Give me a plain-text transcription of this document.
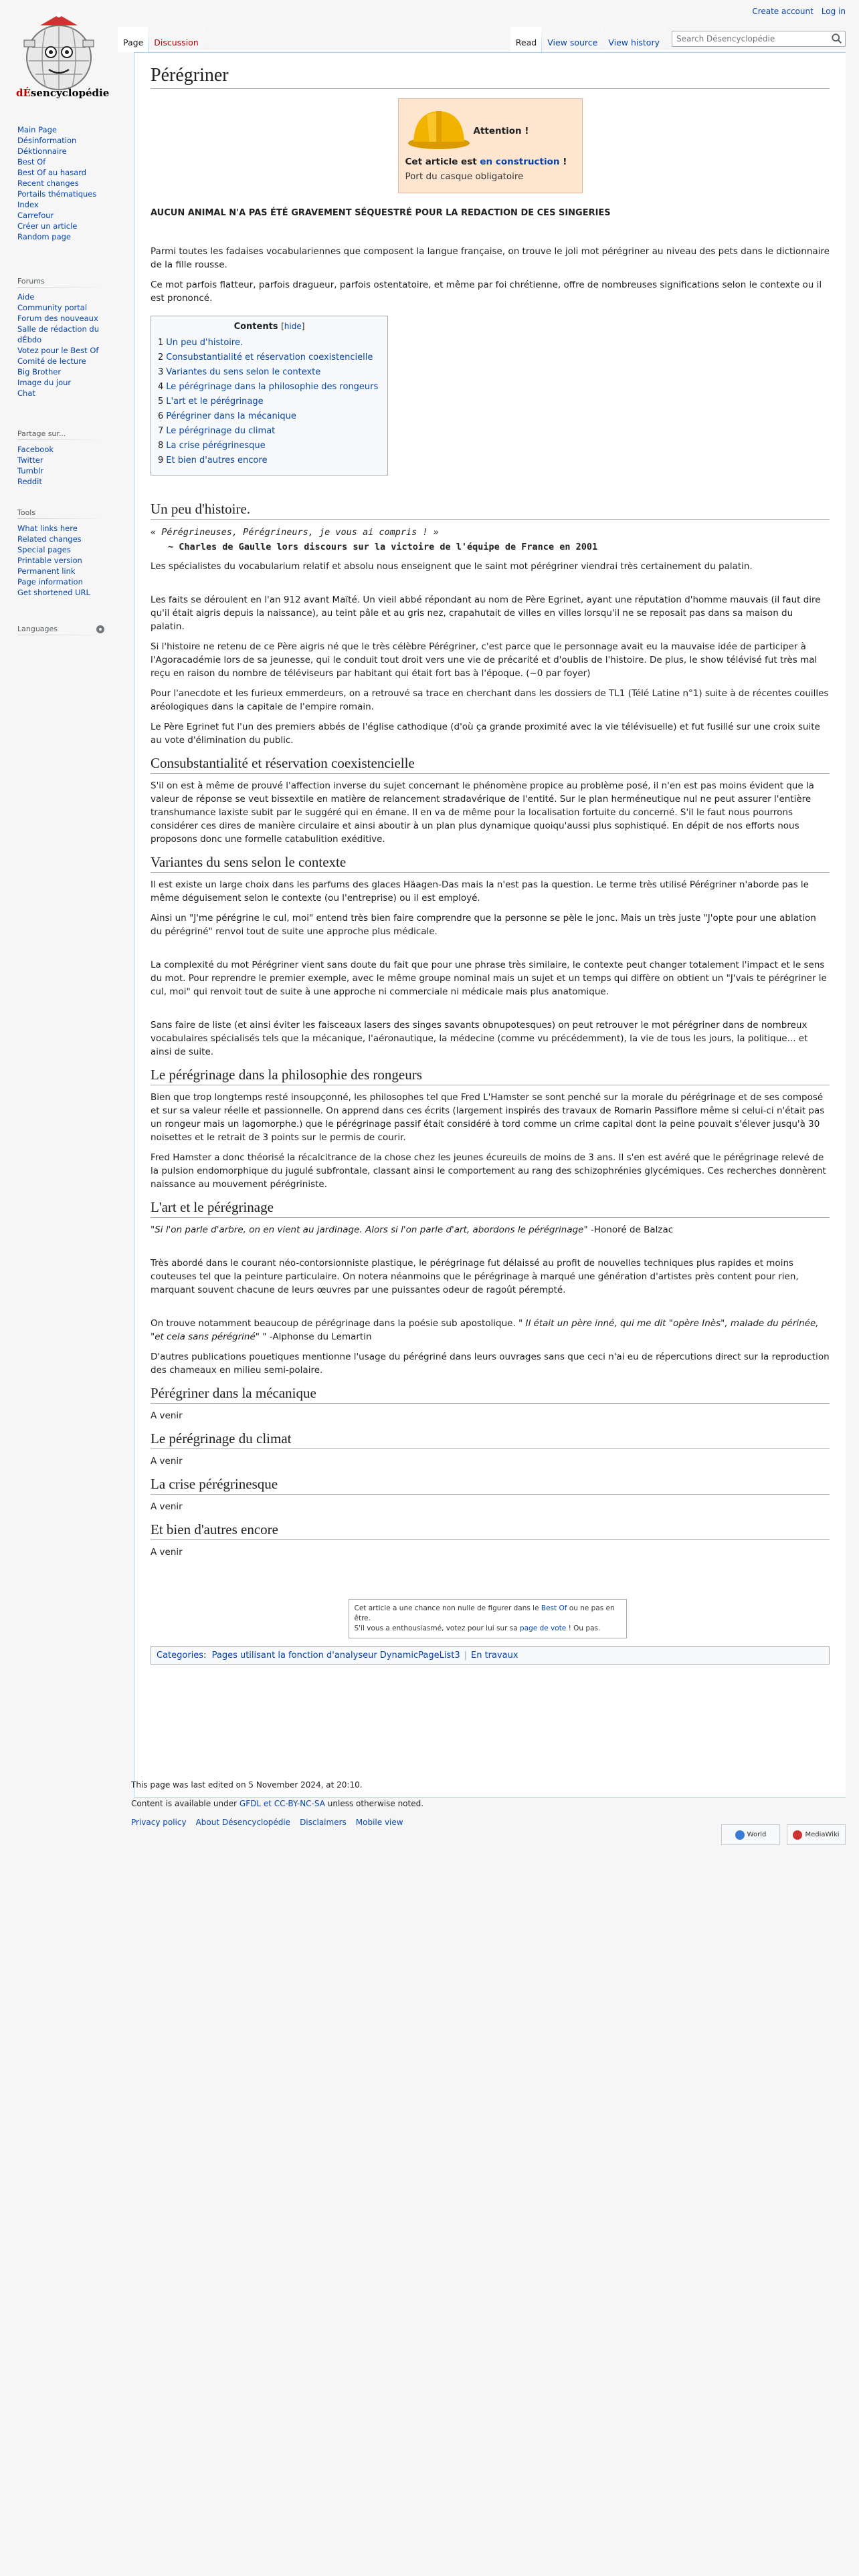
Create account Log in
dÉsencyclopédie
Main Page
Désinformation
Déktionnaire
Best Of
Best Of au hasard
Recent changes
Portails thématiques
Index
Carrefour
Créer un article
Random page
Forums
Aide
Community portal
Forum des nouveaux
Salle de rédaction du dÉbdo
Votez pour le Best Of
Comité de lecture
Big Brother
Image du jour
Chat
Partage sur...
Facebook
Twitter
Tumblr
Reddit
Tools
What links here
Related changes
Special pages
Printable version
Permanent link
Page information
Get shortened URL
Languages
Page Discussion	Read View source View history	Search Désencyclopédie
Pérégriner
Attention !
Cet article est en construction !
Port du casque obligatoire
AUCUN ANIMAL N'A PAS ÉTÉ GRAVEMENT SÉQUESTRÉ POUR LA REDACTION DE CES SINGERIES

Parmi toutes les fadaises vocabulariennes que composent la langue française, on trouve le joli mot pérégriner au niveau des pets dans le dictionnaire de la fille rousse.

Ce mot parfois flatteur, parfois dragueur, parfois ostentatoire, et même par foi chrétienne, offre de nombreuses significations selon le contexte ou il est prononcé.

Contents [hide]
1 Un peu d'histoire.
2 Consubstantialité et réservation coexistencielle
3 Variantes du sens selon le contexte
4 Le pérégrinage dans la philosophie des rongeurs
5 L'art et le pérégrinage
6 Pérégriner dans la mécanique
7 Le pérégrinage du climat
8 La crise pérégrinesque
9 Et bien d'autres encore
Un peu d'histoire.
« Pérégrineuses, Pérégrineurs, je vous ai compris ! »
~ Charles de Gaulle lors discours sur la victoire de l'équipe de France en 2001

Les spécialistes du vocabularium relatif et absolu nous enseignent que le saint mot pérégriner viendrai très certainement du palatin.

Les faits se déroulent en l'an 912 avant Maïté. Un vieil abbé répondant au nom de Père Egrinet, ayant une réputation d'homme mauvais (il faut dire qu'il était aigris depuis la naissance), au teint pâle et au gris nez, crapahutait de villes en villes lorsqu'il ne se reposait pas dans sa maison du palatin.

Si l'histoire ne retenu de ce Père aigris né que le très célèbre Pérégriner, c'est parce que le personnage avait eu la mauvaise idée de participer à l'Agoracadémie lors de sa jeunesse, qui le conduit tout droit vers une vie de précarité et d'oublis de l'histoire. De plus, le show télévisé fut très mal reçu en raison du nombre de téléviseurs par habitant qui était fort bas à l'époque. (~0 par foyer)

Pour l'anecdote et les furieux emmerdeurs, on a retrouvé sa trace en cherchant dans les dossiers de TL1 (Télé Latine n°1) suite à de récentes couilles aréologiques dans la capitale de l'empire romain.

Le Père Egrinet fut l'un des premiers abbés de l'église cathodique (d'où ça grande proximité avec la vie télévisuelle) et fut fusillé sur une croix suite au vote d'élimination du public.

Consubstantialité et réservation coexistencielle

S'il on est à même de prouvé l'affection inverse du sujet concernant le phénomène propice au problème posé, il n'en est pas moins évident que la valeur de réponse se veut bissextile en matière de relancement stradavérique de l'entité. Sur le plan herméneutique nul ne peut assurer l'entière transhumance laxiste subit par le suggéré qui en émane. Il en va de même pour la localisation fortuite du concerné. S'il le faut nous pourrons considérer ces dires de manière circulaire et ainsi aboutir à un plan plus dynamique quoiqu'aussi plus sophistiqué. En dépit de nos efforts nous proposons donc une formelle catabulition exéditive.

Variantes du sens selon le contexte

Il est existe un large choix dans les parfums des glaces Häagen-Das mais la n'est pas la question. Le terme très utilisé Pérégriner n'aborde pas le même déguisement selon le contexte (ou l'entreprise) ou il est employé.

Ainsi un "J'me pérégrine le cul, moi" entend très bien faire comprendre que la personne se pèle le jonc. Mais un très juste "J'opte pour une ablation du pérégriné" renvoi tout de suite une approche plus médicale.

La complexité du mot Pérégriner vient sans doute du fait que pour une phrase très similaire, le contexte peut changer totalement l'impact et le sens du mot. Pour reprendre le premier exemple, avec le même groupe nominal mais un sujet et un temps qui diffère on obtient un "J'vais te pérégriner le cul, moi" qui renvoit tout de suite à une approche ni commerciale ni médicale mais plus anatomique.

Sans faire de liste (et ainsi éviter les faisceaux lasers des singes savants obnupotesques) on peut retrouver le mot pérégriner dans de nombreux vocabulaires spécialisés tels que la mécanique, l'aéronautique, la médecine (comme vu précédemment), la vie de tous les jours, la politique... et ainsi de suite.

Le pérégrinage dans la philosophie des rongeurs

Bien que trop longtemps resté insoupçonné, les philosophes tel que Fred L'Hamster se sont penché sur la morale du pérégrinage et de ses composé et sur sa valeur réelle et passionnelle. On apprend dans ces écrits (largement inspirés des travaux de Romarin Passiflore même si celui-ci n'était pas un rongeur mais un lagomorphe.) que le pérégrinage passif était considéré à tord comme un crime capital dont la peine pouvait s'élever jusqu'à 30 noisettes et le retrait de 3 points sur le permis de courir.

Fred Hamster a donc théorisé la récalcitrance de la chose chez les jeunes écureuils de moins de 3 ans. Il s'en est avéré que le pérégrinage relevé de la pulsion endomorphique du jugulé subfrontale, classant ainsi le comportement au rang des schizophrénies glycémiques. Ces recherches donnèrent naissance au mouvement pérégriniste.

L'art et le pérégrinage

"Si l'on parle d'arbre, on en vient au jardinage. Alors si l'on parle d'art, abordons le pérégrinage" -Honoré de Balzac

Très abordé dans le courant néo-contorsionniste plastique, le pérégrinage fut délaissé au profit de nouvelles techniques plus rapides et moins couteuses tel que la peinture particulaire. On notera néanmoins que le pérégrinage à marqué une génération d'artistes près content pour rien, marquant souvent chacune de leurs œuvres par une puissantes odeur de ragoût pérempté.

On trouve notamment beaucoup de pérégrinage dans la poésie sub apostolique. " Il était un père inné, qui me dit "opère Inès", malade du périnée, "et cela sans pérégriné" " -Alphonse du Lemartin

D'autres publications pouetiques mentionne l'usage du pérégriné dans leurs ouvrages sans que ceci n'ai eu de répercutions direct sur la reproduction des chameaux en milieu semi-polaire.

Pérégriner dans la mécanique

A venir

Le pérégrinage du climat

A venir

La crise pérégrinesque

A venir

Et bien d'autres encore

A venir

Cet article a une chance non nulle de figurer dans le Best Of ou ne pas en être.
S'il vous a enthousiasmé, votez pour lui sur sa page de vote ! Ou pas.
Categories: Pages utilisant la fonction d'analyseur DynamicPageList3 | En travaux
This page was last edited on 5 November 2024, at 20:10.
Content is available under GFDL et CC-BY-NC-SA unless otherwise noted.
Privacy policy About Désencyclopédie Disclaimers Mobile view
World	MediaWiki
